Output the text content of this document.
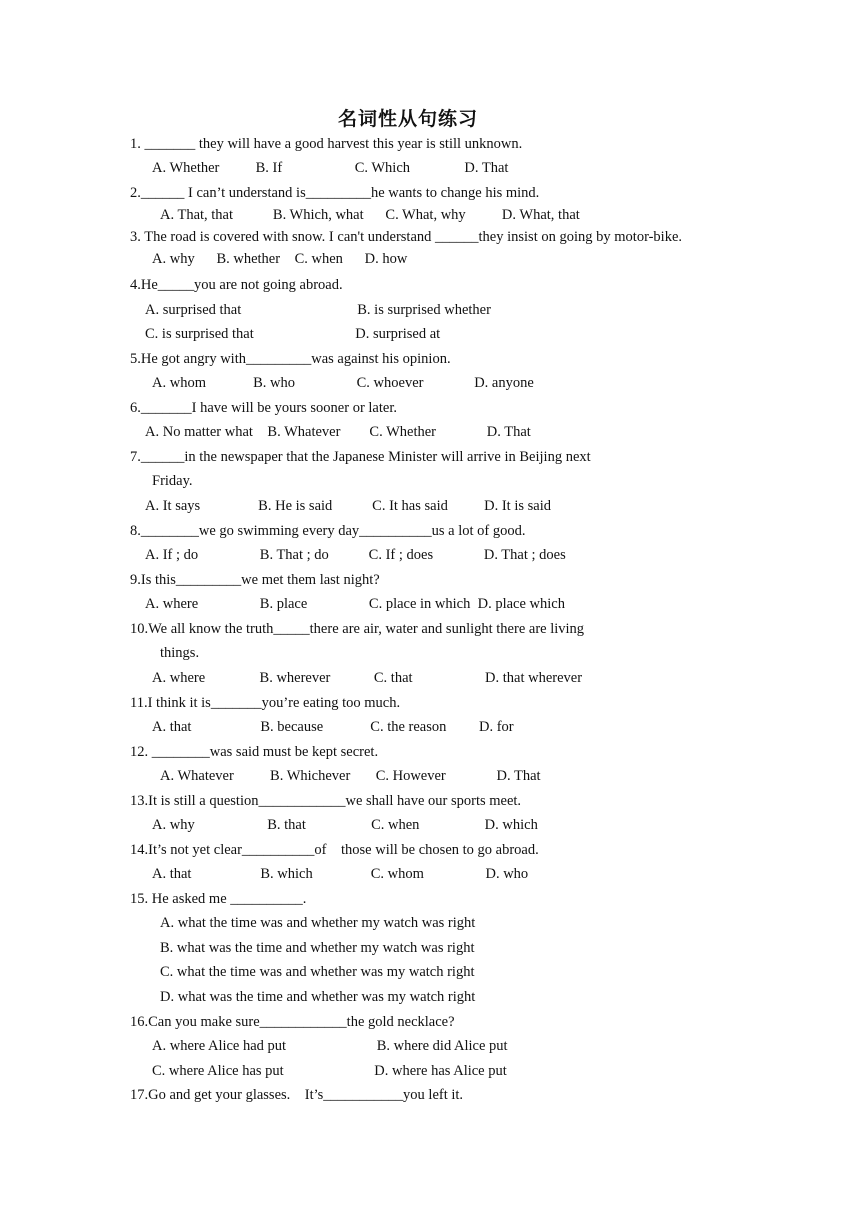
名词性从句练习
1. _______ they will have a good harvest this year is still unknown.
A. Whether          B. If                    C. Which               D. That
2.______ I can’t understand is_________he wants to change his mind.
A. That, that           B. Which, what      C. What, why          D. What, that
3. The road is covered with snow. I can't understand ______they insist on going by motor-bike.
A. why      B. whether    C. when      D. how
4.He_____you are not going abroad.
A. surprised that                                B. is surprised whether
C. is surprised that                            D. surprised at
5.He got angry with_________was against his opinion.
A. whom             B. who                 C. whoever              D. anyone
6._______I have will be yours sooner or later.
A. No matter what    B. Whatever        C. Whether              D. That
7.______in the newspaper that the Japanese Minister will arrive in Beijing next
Friday.
A. It says                B. He is said           C. It has said          D. It is said
8.________we go swimming every day__________us a lot of good.
A. If ; do                 B. That ; do           C. If ; does              D. That ; does
9.Is this_________we met them last night?
A. where                 B. place                 C. place in which  D. place which
10.We all know the truth_____there are air, water and sunlight there are living
things.
A. where               B. wherever            C. that                    D. that wherever
11.I think it is_______you’re eating too much.
A. that                   B. because             C. the reason         D. for
12. ________was said must be kept secret.
A. Whatever          B. Whichever       C. However              D. That
13.It is still a question____________we shall have our sports meet.
A. why                    B. that                  C. when                  D. which
14.It’s not yet clear__________of    those will be chosen to go abroad.
A. that                   B. which                C. whom                 D. who
15. He asked me __________.
A. what the time was and whether my watch was right
B. what was the time and whether my watch was right
C. what the time was and whether was my watch right
D. what was the time and whether was my watch right
16.Can you make sure____________the gold necklace?
A. where Alice had put                         B. where did Alice put
C. where Alice has put                         D. where has Alice put
17.Go and get your glasses.    It’s___________you left it.
